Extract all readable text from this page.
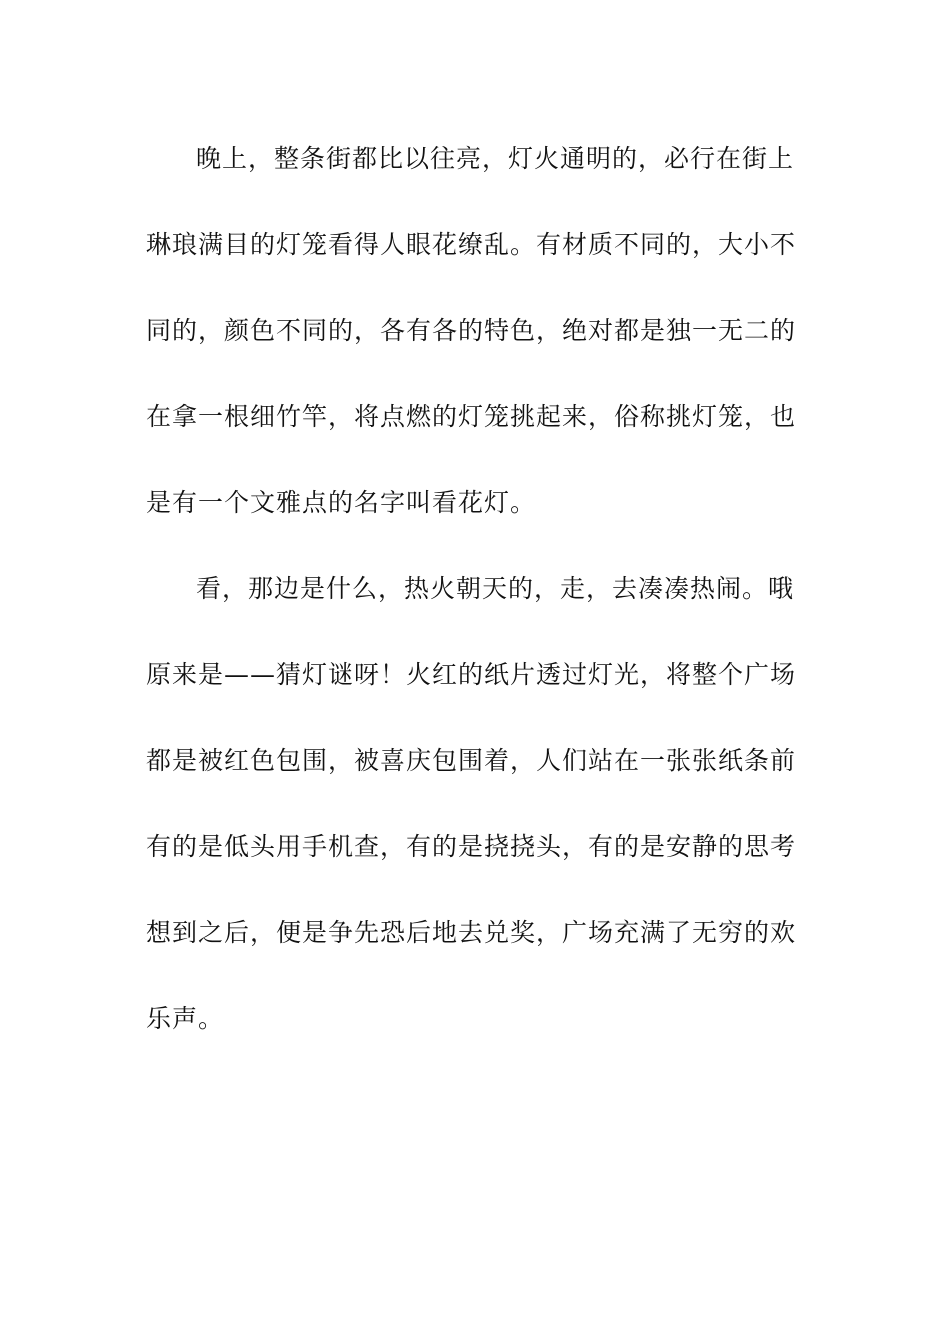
晚上，整条街都比以往亮，灯火通明的，必行在街上
琳琅满目的灯笼看得人眼花缭乱。有材质不同的，大小不
同的，颜色不同的，各有各的特色，绝对都是独一无二的
在拿一根细竹竿，将点燃的灯笼挑起来，俗称挑灯笼，也
是有一个文雅点的名字叫看花灯。
看，那边是什么，热火朝天的，走，去凑凑热闹。哦
原来是——猜灯谜呀！火红的纸片透过灯光，将整个广场
都是被红色包围，被喜庆包围着，人们站在一张张纸条前
有的是低头用手机查，有的是挠挠头，有的是安静的思考
想到之后，便是争先恐后地去兑奖，广场充满了无穷的欢
乐声。
